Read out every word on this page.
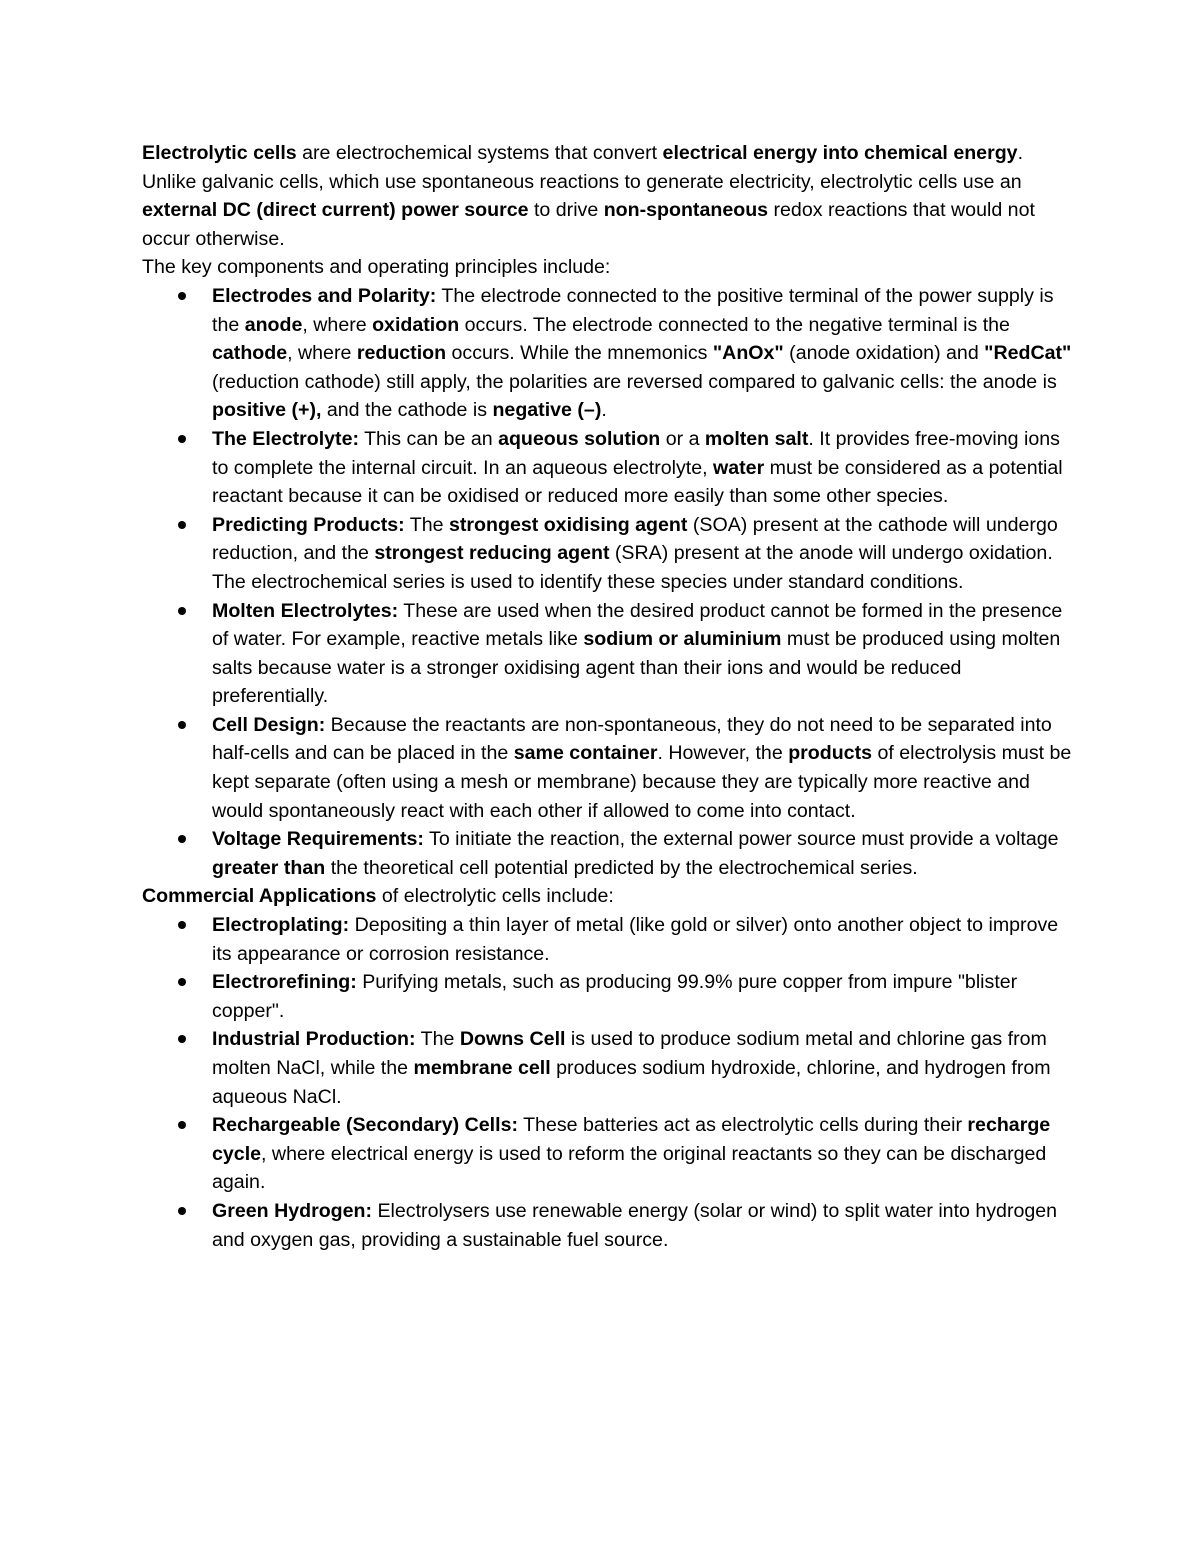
Electrolytic cells are electrochemical systems that convert electrical energy into chemical energy. Unlike galvanic cells, which use spontaneous reactions to generate electricity, electrolytic cells use an external DC (direct current) power source to drive non-spontaneous redox reactions that would not occur otherwise.

The key components and operating principles include:

Electrodes and Polarity: The electrode connected to the positive terminal of the power supply is the anode, where oxidation occurs. The electrode connected to the negative terminal is the cathode, where reduction occurs. While the mnemonics "AnOx" (anode oxidation) and "RedCat" (reduction cathode) still apply, the polarities are reversed compared to galvanic cells: the anode is positive (+), and the cathode is negative (–).
The Electrolyte: This can be an aqueous solution or a molten salt. It provides free-moving ions to complete the internal circuit. In an aqueous electrolyte, water must be considered as a potential reactant because it can be oxidised or reduced more easily than some other species.
Predicting Products: The strongest oxidising agent (SOA) present at the cathode will undergo reduction, and the strongest reducing agent (SRA) present at the anode will undergo oxidation. The electrochemical series is used to identify these species under standard conditions.
Molten Electrolytes: These are used when the desired product cannot be formed in the presence of water. For example, reactive metals like sodium or aluminium must be produced using molten salts because water is a stronger oxidising agent than their ions and would be reduced preferentially.
Cell Design: Because the reactants are non-spontaneous, they do not need to be separated into half-cells and can be placed in the same container. However, the products of electrolysis must be kept separate (often using a mesh or membrane) because they are typically more reactive and would spontaneously react with each other if allowed to come into contact.
Voltage Requirements: To initiate the reaction, the external power source must provide a voltage greater than the theoretical cell potential predicted by the electrochemical series.

Commercial Applications of electrolytic cells include:

Electroplating: Depositing a thin layer of metal (like gold or silver) onto another object to improve its appearance or corrosion resistance.
Electrorefining: Purifying metals, such as producing 99.9% pure copper from impure "blister copper".
Industrial Production: The Downs Cell is used to produce sodium metal and chlorine gas from molten NaCl, while the membrane cell produces sodium hydroxide, chlorine, and hydrogen from aqueous NaCl.
Rechargeable (Secondary) Cells: These batteries act as electrolytic cells during their recharge cycle, where electrical energy is used to reform the original reactants so they can be discharged again.
Green Hydrogen: Electrolysers use renewable energy (solar or wind) to split water into hydrogen and oxygen gas, providing a sustainable fuel source.
